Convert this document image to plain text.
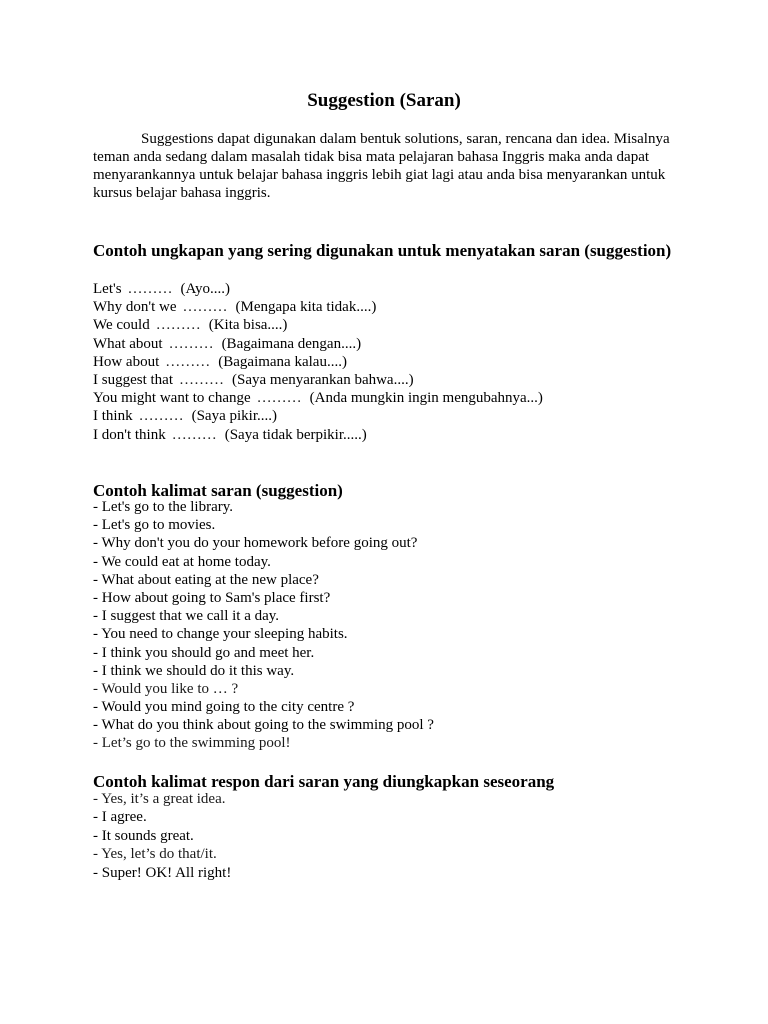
Suggestion (Saran)
Suggestions dapat digunakan dalam bentuk solutions, saran, rencana dan idea. Misalnya teman anda sedang dalam masalah tidak bisa mata pelajaran bahasa Inggris maka anda dapat menyarankannya untuk belajar bahasa inggris lebih giat lagi atau anda bisa menyarankan untuk kursus belajar bahasa inggris.
Contoh ungkapan yang sering digunakan untuk menyatakan saran (suggestion)
Let's ……… (Ayo....)
Why don't we ……… (Mengapa kita tidak....)
We could ……… (Kita bisa....)
What about ……… (Bagaimana dengan....)
How about ……… (Bagaimana kalau....)
I suggest that ……… (Saya menyarankan bahwa....)
You might want to change ……… (Anda mungkin ingin mengubahnya...)
I think ……… (Saya pikir....)
I don't think ……… (Saya tidak berpikir.....)
Contoh kalimat saran (suggestion)
- Let's go to the library.
- Let's go to movies.
- Why don't you do your homework before going out?
- We could eat at home today.
- What about eating at the new place?
- How about going to Sam's place first?
- I suggest that we call it a day.
- You need to change your sleeping habits.
- I think you should go and meet her.
- I think we should do it this way.
- Would you like to … ?
- Would you mind going to the city centre ?
- What do you think about going to the swimming pool ?
- Let’s go to the swimming pool!
Contoh kalimat respon dari saran yang diungkapkan seseorang
- Yes, it’s a great idea.
- I agree.
- It sounds great.
- Yes, let’s do that/it.
- Super! OK! All right!
